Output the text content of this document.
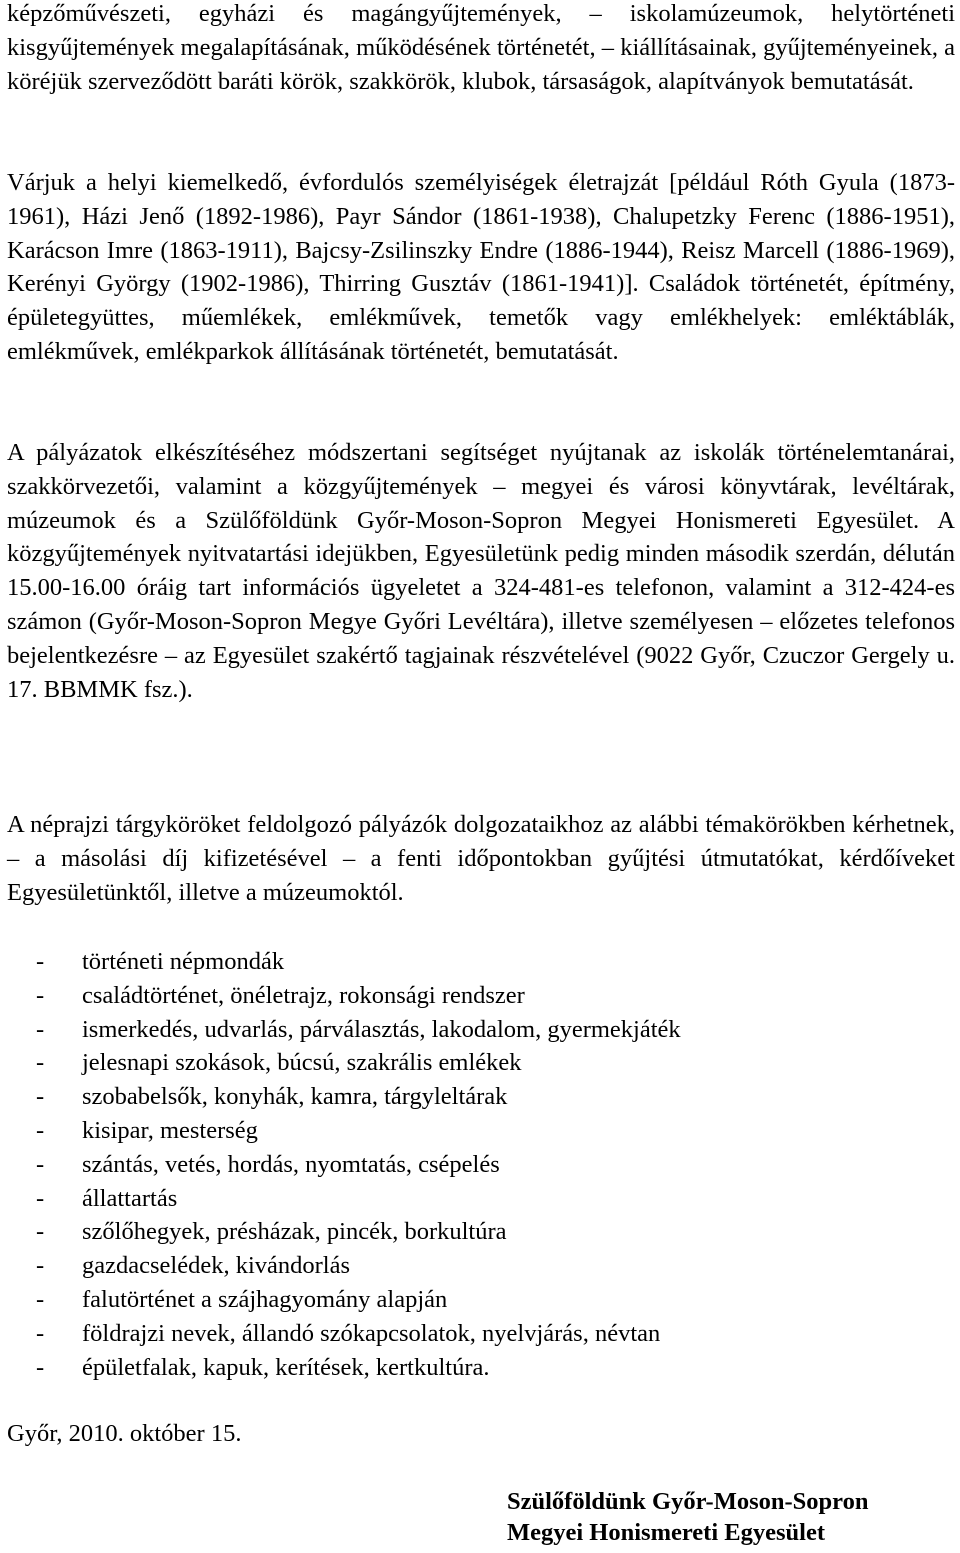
képzőművészeti, egyházi és magángyűjtemények, – iskolamúzeumok, helytörténeti kisgyűjtemények megalapításának, működésének történetét, – kiállításainak, gyűjteményeinek, a köréjük szerveződött baráti körök, szakkörök, klubok, társaságok, alapítványok bemutatását.

Várjuk a helyi kiemelkedő, évfordulós személyiségek életrajzát [például Róth Gyula (1873-1961), Házi Jenő (1892-1986), Payr Sándor (1861-1938), Chalupetzky Ferenc (1886-1951), Karácson Imre (1863-1911), Bajcsy-Zsilinszky Endre (1886-1944), Reisz Marcell (1886-1969), Kerényi György (1902-1986), Thirring Gusztáv (1861-1941)]. Családok történetét, építmény, épületegyüttes, műemlékek, emlékművek, temetők vagy emlékhelyek: emléktáblák, emlékművek, emlékparkok állításának történetét, bemutatását.

A pályázatok elkészítéséhez módszertani segítséget nyújtanak az iskolák történelemtanárai, szakkörvezetői, valamint a közgyűjtemények – megyei és városi könyvtárak, levéltárak, múzeumok és a Szülőföldünk Győr-Moson-Sopron Megyei Honismereti Egyesület. A közgyűjtemények nyitvatartási idejükben, Egyesületünk pedig minden második szerdán, délután 15.00-16.00 óráig tart információs ügyeletet a 324-481-es telefonon, valamint a 312-424-es számon (Győr-Moson-Sopron Megye Győri Levéltára), illetve személyesen – előzetes telefonos bejelentkezésre – az Egyesület szakértő tagjainak részvételével (9022 Győr, Czuczor Gergely u. 17. BBMMK fsz.).

A néprajzi tárgyköröket feldolgozó pályázók dolgozataikhoz az alábbi témakörökben kérhetnek, – a másolási díj kifizetésével – a fenti időpontokban gyűjtési útmutatókat, kérdőíveket Egyesületünktől, illetve a múzeumoktól.

- történeti népmondák
- családtörténet, önéletrajz, rokonsági rendszer
- ismerkedés, udvarlás, párválasztás, lakodalom, gyermekjáték
- jelesnapi szokások, búcsú, szakrális emlékek
- szobabelsők, konyhák, kamra, tárgyleltárak
- kisipar, mesterség
- szántás, vetés, hordás, nyomtatás, csépelés
- állattartás
- szőlőhegyek, présházak, pincék, borkultúra
- gazdacselédek, kivándorlás
- falutörténet a szájhagyomány alapján
- földrajzi nevek, állandó szókapcsolatok, nyelvjárás, névtan
- épületfalak, kapuk, kerítések, kertkultúra.

Győr, 2010. október 15.

Szülőföldünk Győr-Moson-Sopron
Megyei Honismereti Egyesület
